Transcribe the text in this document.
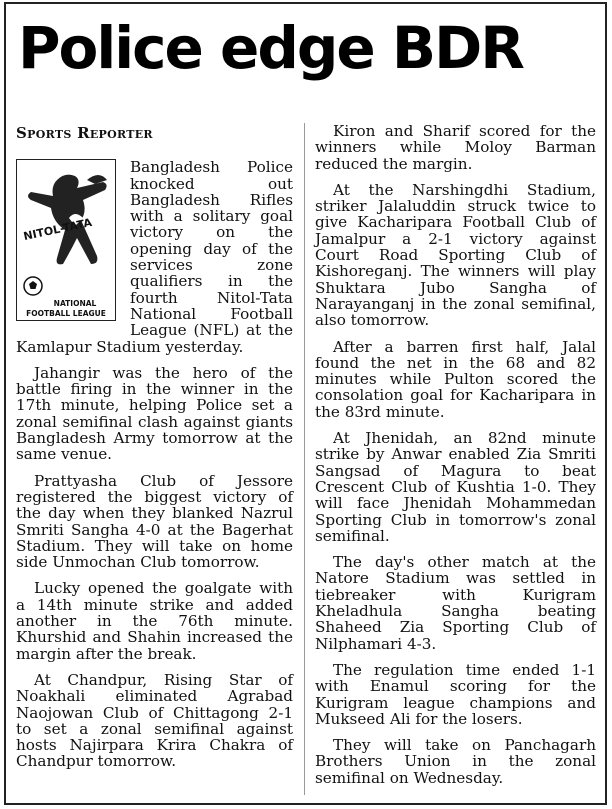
Police edge BDR
Sports Reporter
NITOL-TATA
NATIONAL
FOOTBALL LEAGUE

Bangladesh Police knocked out Bangladesh Rifles with a solitary goal victory on the opening day of the services zone qualifiers in the fourth Nitol-Tata National Football League (NFL) at the Kamlapur Stadium yesterday.

Jahangir was the hero of the battle firing in the winner in the 17th minute, helping Police set a zonal semifinal clash against giants Bangladesh Army tomorrow at the same venue.

Prattyasha Club of Jessore registered the biggest victory of the day when they blanked Nazrul Smriti Sangha 4-0 at the Bagerhat Stadium. They will take on home side Unmochan Club tomorrow.

Lucky opened the goalgate with a 14th minute strike and added another in the 76th minute. Khurshid and Shahin increased the margin after the break.

At Chandpur, Rising Star of Noakhali eliminated Agrabad Naojowan Club of Chittagong 2-1 to set a zonal semifinal against hosts Najirpara Krira Chakra of Chandpur tomorrow.

Kiron and Sharif scored for the winners while Moloy Barman reduced the margin.

At the Narshingdhi Stadium, striker Jalaluddin struck twice to give Kacharipara Football Club of Jamalpur a 2-1 victory against Court Road Sporting Club of Kishoreganj. The winners will play Shuktara Jubo Sangha of Narayanganj in the zonal semifinal, also tomorrow.

After a barren first half, Jalal found the net in the 68 and 82 minutes while Pulton scored the consolation goal for Kacharipara in the 83rd minute.

At Jhenidah, an 82nd minute strike by Anwar enabled Zia Smriti Sangsad of Magura to beat Crescent Club of Kushtia 1-0. They will face Jhenidah Mohammedan Sporting Club in tomorrow's zonal semifinal.

The day's other match at the Natore Stadium was settled in tiebreaker with Kurigram Kheladhula Sangha beating Shaheed Zia Sporting Club of Nilphamari 4-3.

The regulation time ended 1-1 with Enamul scoring for the Kurigram league champions and Mukseed Ali for the losers.

They will take on Panchagarh Brothers Union in the zonal semifinal on Wednesday.
